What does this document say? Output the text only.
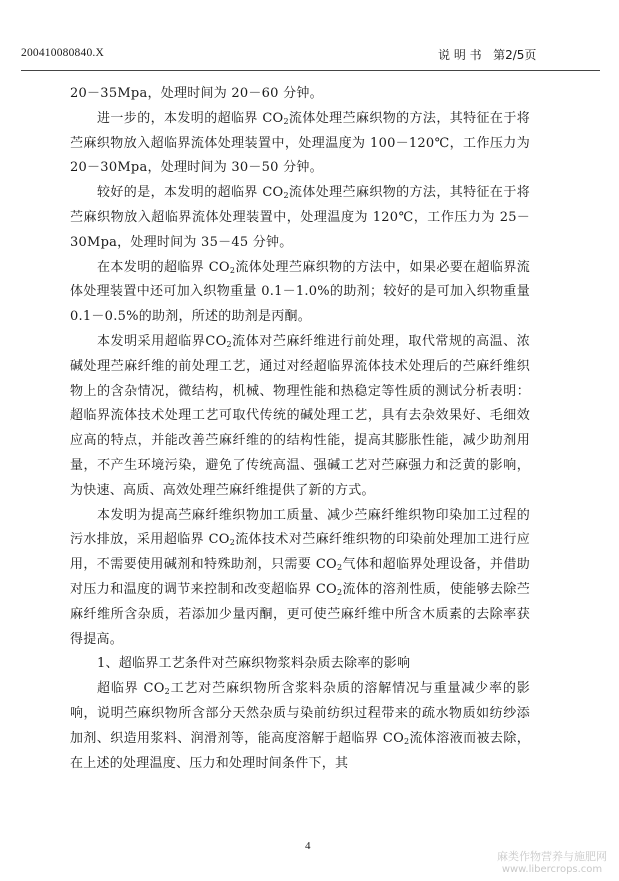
200410080840.X	说 明 书 第2/5页

20－35Mpa，处理时间为 20－60 分钟。

进一步的，本发明的超临界 $CO_2$流体处理苎麻织物的方法，其特征在于将苎麻织物放入超临界流体处理装置中，处理温度为 100－120℃，工作压力为 20－30Mpa，处理时间为 30－50 分钟。

较好的是，本发明的超临界 $CO_2$流体处理苎麻织物的方法，其特征在于将苎麻织物放入超临界流体处理装置中，处理温度为 120℃，工作压力为 25－30Mpa，处理时间为 35－45 分钟。

在本发明的超临界 $CO_2$流体处理苎麻织物的方法中，如果必要在超临界流体处理装置中还可加入织物重量 0.1－1.0%的助剂；较好的是可加入织物重量 0.1－0.5%的助剂，所述的助剂是丙酮。

本发明采用超临界$CO_2$流体对苎麻纤维进行前处理，取代常规的高温、浓碱处理苎麻纤维的前处理工艺，通过对经超临界流体技术处理后的苎麻纤维织物上的含杂情况，微结构，机械、物理性能和热稳定等性质的测试分析表明：超临界流体技术处理工艺可取代传统的碱处理工艺，具有去杂效果好、毛细效应高的特点，并能改善苎麻纤维的的结构性能，提高其膨胀性能，减少助剂用量，不产生环境污染，避免了传统高温、强碱工艺对苎麻强力和泛黄的影响，为快速、高质、高效处理苎麻纤维提供了新的方式。

本发明为提高苎麻纤维织物加工质量、减少苎麻纤维织物印染加工过程的污水排放，采用超临界 $CO_2$流体技术对苎麻纤维织物的印染前处理加工进行应用，不需要使用碱剂和特殊助剂，只需要 $CO_2$气体和超临界处理设备，并借助对压力和温度的调节来控制和改变超临界 $CO_2$流体的溶剂性质，使能够去除苎麻纤维所含杂质，若添加少量丙酮，更可使苎麻纤维中所含木质素的去除率获得提高。

1、超临界工艺条件对苎麻织物浆料杂质去除率的影响

超临界 $CO_2$工艺对苎麻织物所含浆料杂质的溶解情况与重量减少率的影响，说明苎麻织物所含部分天然杂质与染前纺织过程带来的疏水物质如纺纱添加剂、织造用浆料、润滑剂等，能高度溶解于超临界 $CO_2$流体溶液而被去除，在上述的处理温度、压力和处理时间条件下，其

4
麻类作物营养与施肥网
www.libercrops.com
